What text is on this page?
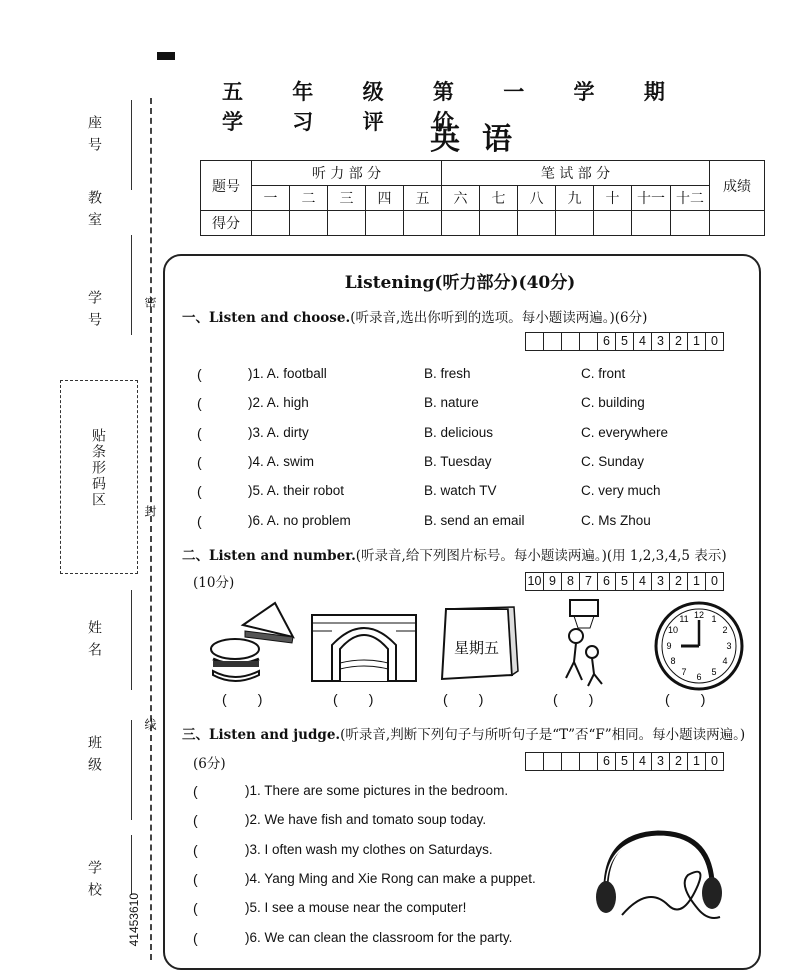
座号
教室
学号
贴条形码区
姓名
班级
学校
密
封
线
41453610
五 年 级 第 一 学 期 学 习 评 价
英语
题号	听 力 部 分					笔 试 部 分							成绩
	一	二	三	四	五	六	七	八	九	十	十一	十二	
得分													
Listening(听力部分)(40分)
一、Listen and choose.(听录音,选出你听到的选项。每小题读两遍。)(6分)
6 5 4 3 2 1 0
(	)1. A. football	B. fresh	C. front
(	)2. A. high	B. nature	C. building
(	)3. A. dirty	B. delicious	C. everywhere
(	)4. A. swim	B. Tuesday	C. Sunday
(	)5. A. their robot	B. watch TV	C. very much
(	)6. A. no problem	B. send an email	C. Ms Zhou
二、Listen and number.(听录音,给下列图片标号。每小题读两遍。)(用 1,2,3,4,5 表示)
(10分)	10 9 8 7 6 5 4 3 2 1 0
星期五
12 1
2
3
4
5
6
7
8
9
10
11
(        )	(        )	(        )	(        )	(        )
三、Listen and judge.(听录音,判断下列句子与所听句子是“T”否“F”相同。每小题读两遍。)
(6分)	6 5 4 3 2 1 0
(	)1. There are some pictures in the bedroom.
(	)2. We have fish and tomato soup today.
(	)3. I often wash my clothes on Saturdays.
(	)4. Yang Ming and Xie Rong can make a puppet.
(	)5. I see a mouse near the computer!
(	)6. We can clean the classroom for the party.
